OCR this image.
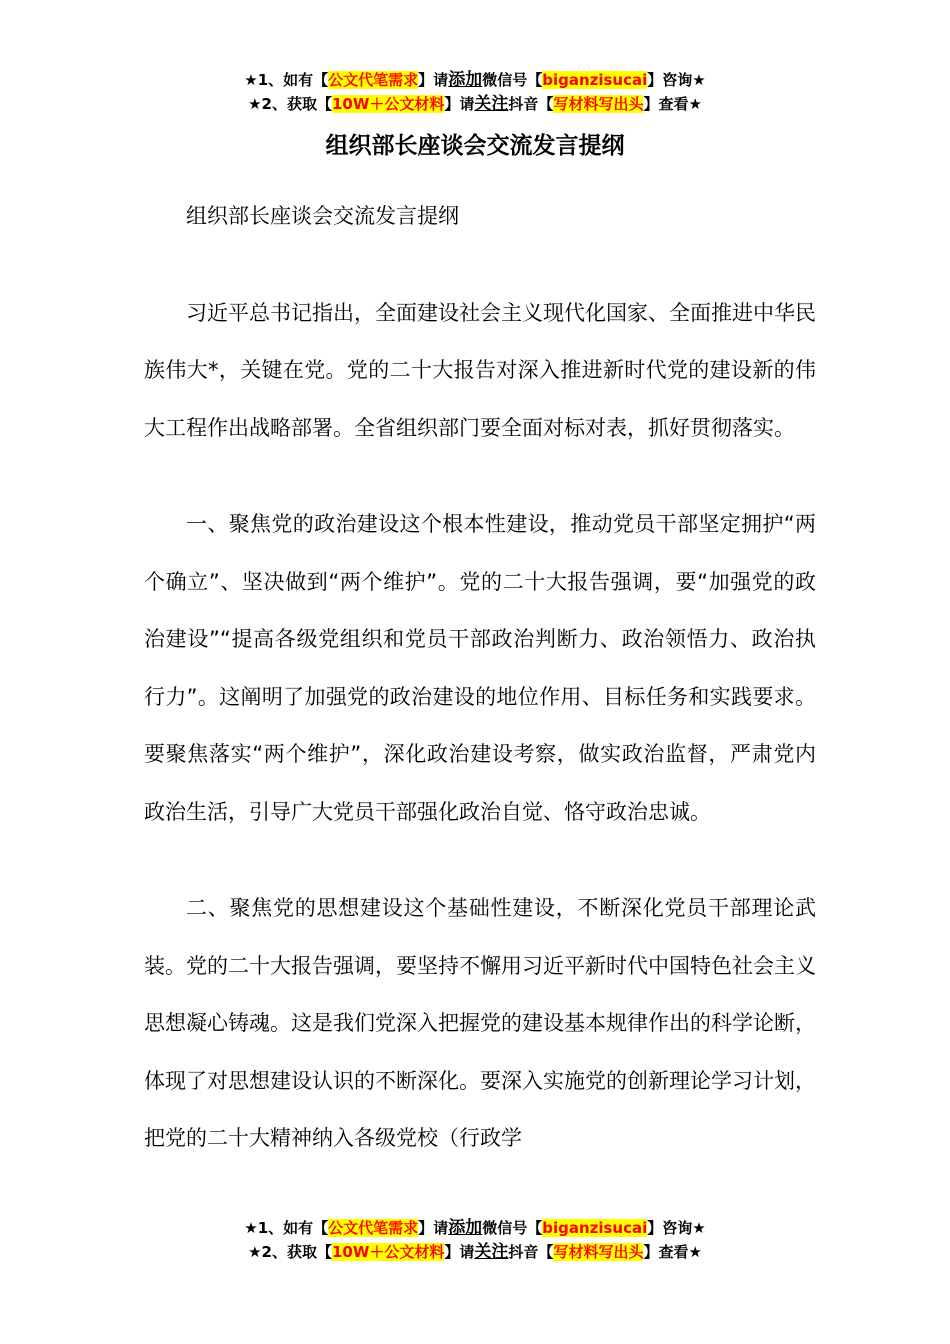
★1、如有【公文代笔需求】请添加微信号【biganzisucai】咨询★
★2、获取【10W＋公文材料】请关注抖音【写材料写出头】查看★
组织部长座谈会交流发言提纲

组织部长座谈会交流发言提纲

习近平总书记指出，全面建设社会主义现代化国家、全面推进中华民族伟大*，关键在党。党的二十大报告对深入推进新时代党的建设新的伟大工程作出战略部署。全省组织部门要全面对标对表，抓好贯彻落实。

一、聚焦党的政治建设这个根本性建设，推动党员干部坚定拥护“两个确立”、坚决做到“两个维护”。党的二十大报告强调，要“加强党的政治建设”“提高各级党组织和党员干部政治判断力、政治领悟力、政治执行力”。这阐明了加强党的政治建设的地位作用、目标任务和实践要求。要聚焦落实“两个维护”，深化政治建设考察，做实政治监督，严肃党内政治生活，引导广大党员干部强化政治自觉、恪守政治忠诚。

二、聚焦党的思想建设这个基础性建设，不断深化党员干部理论武装。党的二十大报告强调，要坚持不懈用习近平新时代中国特色社会主义思想凝心铸魂。这是我们党深入把握党的建设基本规律作出的科学论断，体现了对思想建设认识的不断深化。要深入实施党的创新理论学习计划，把党的二十大精神纳入各级党校（行政学

★1、如有【公文代笔需求】请添加微信号【biganzisucai】咨询★
★2、获取【10W＋公文材料】请关注抖音【写材料写出头】查看★
